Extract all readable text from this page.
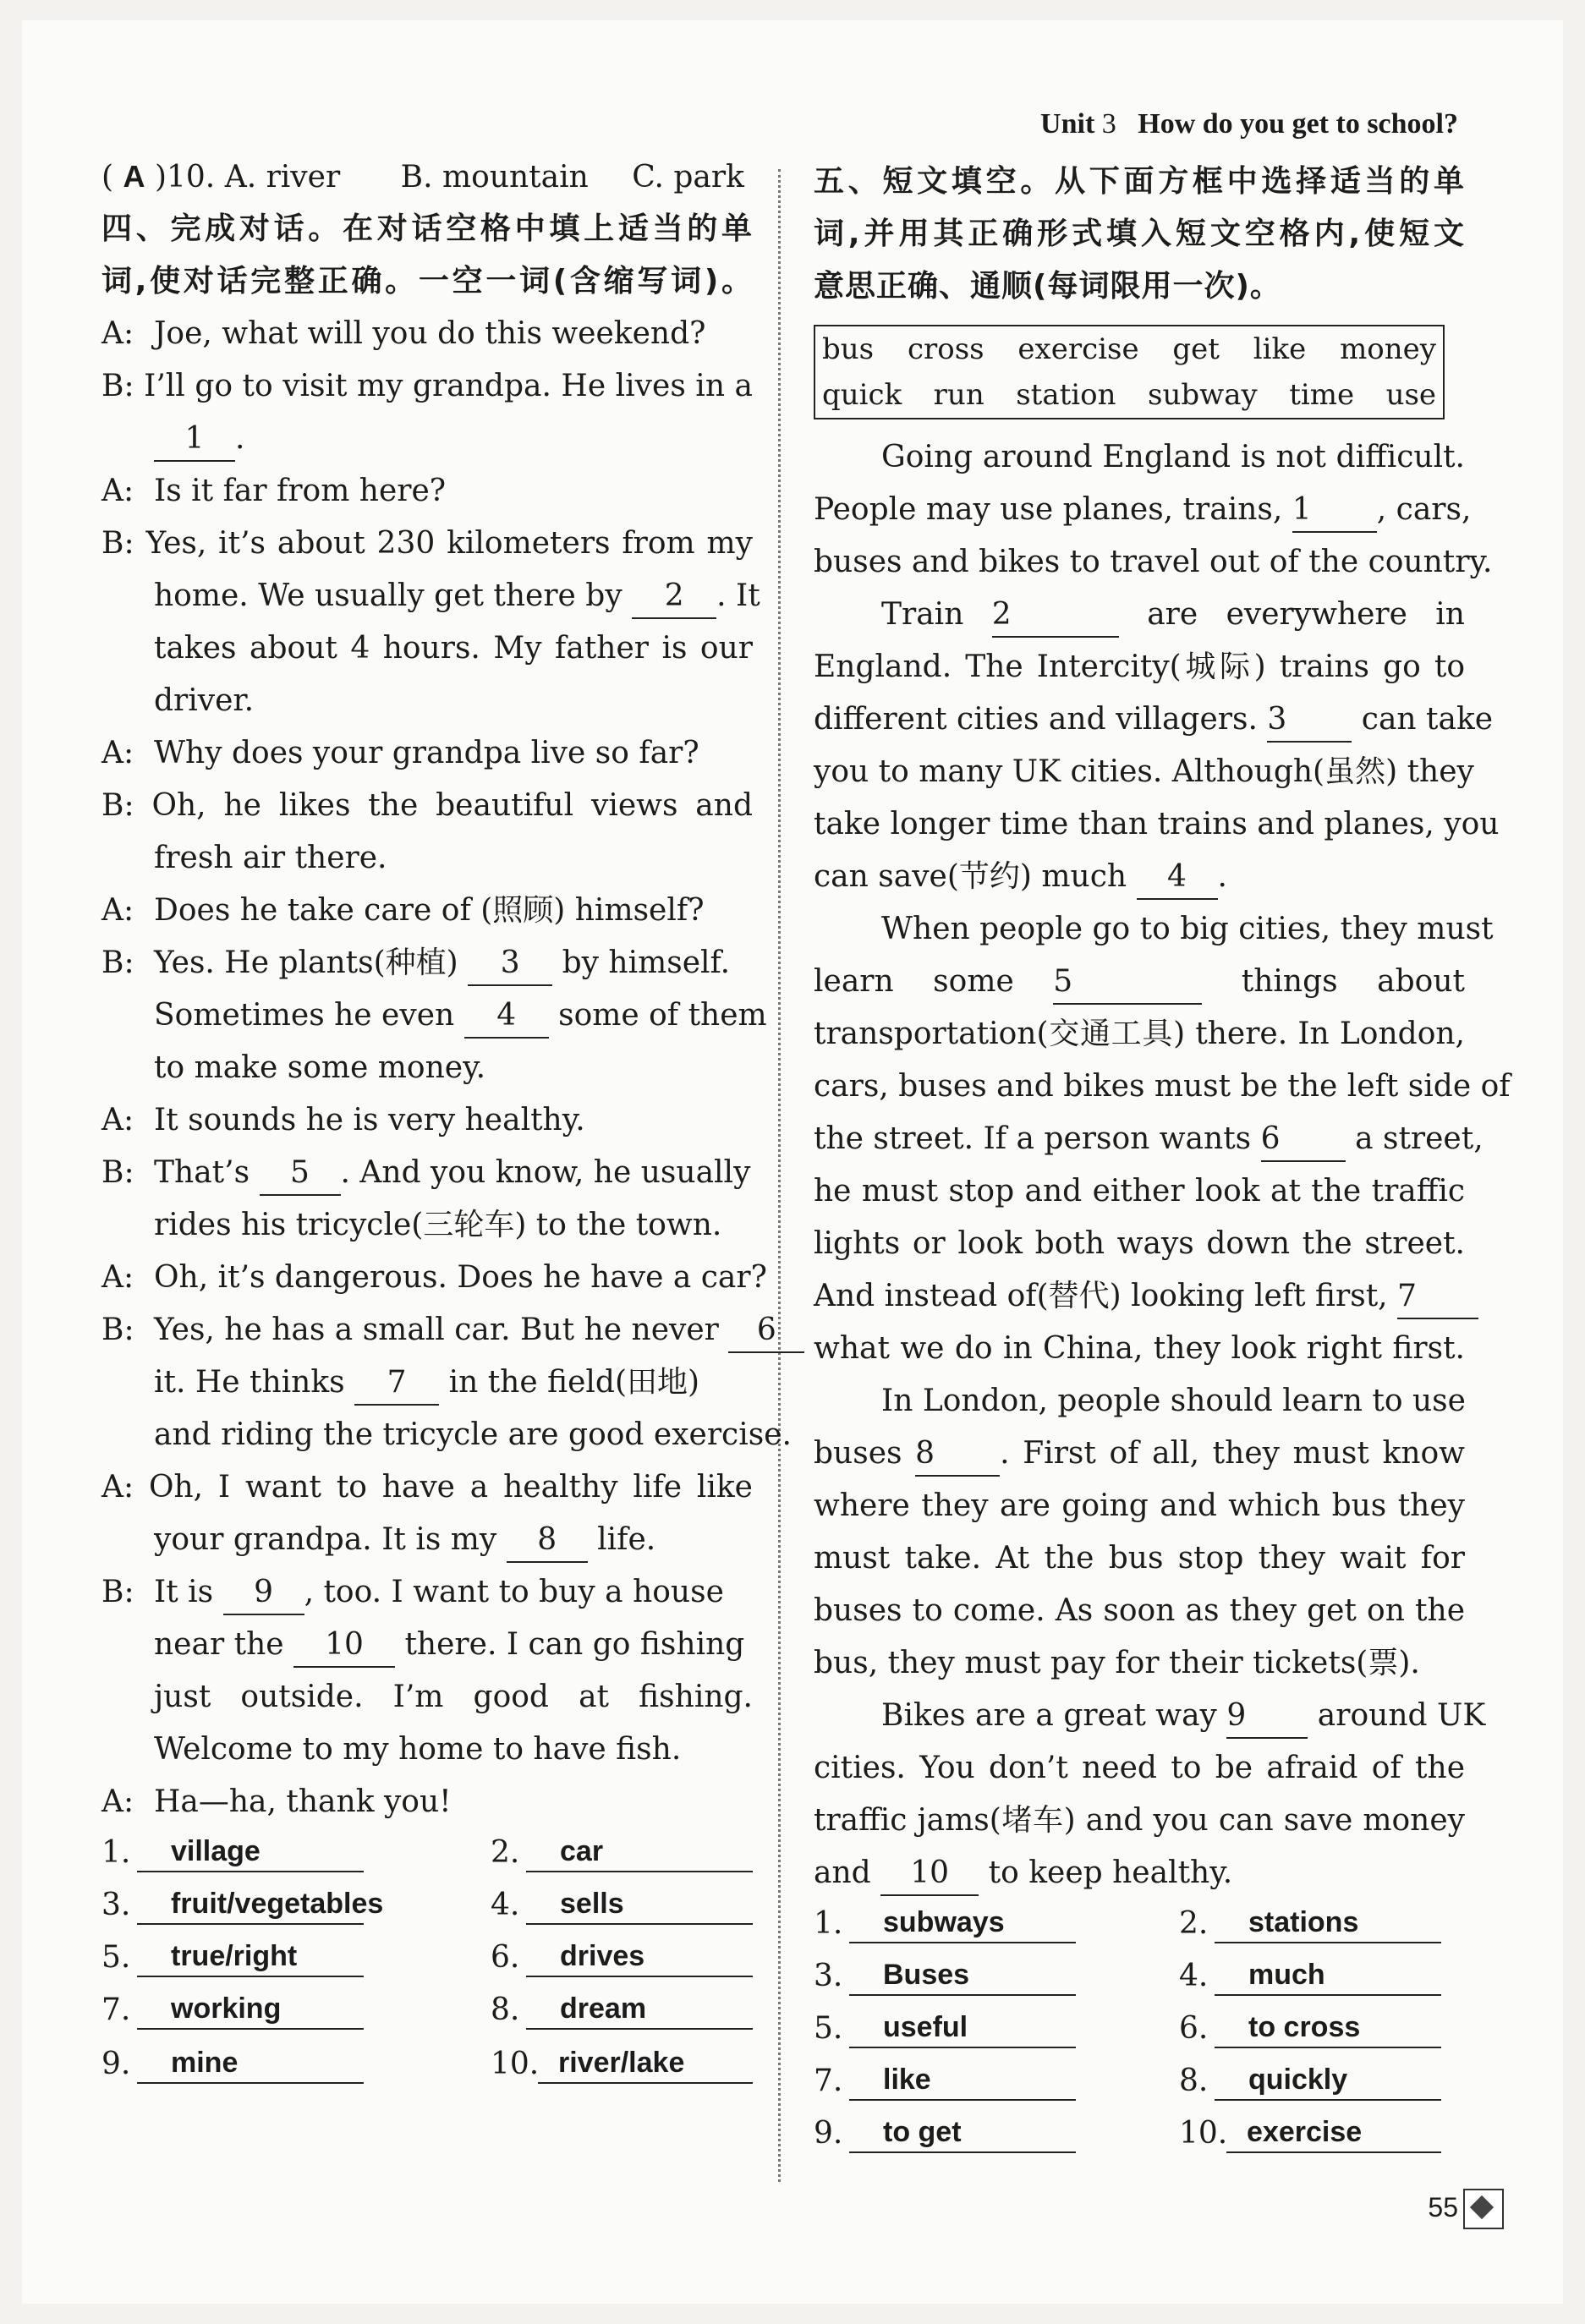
Unit 3 How do you get to school?
( A )10. A. river B. mountain C. park
四、完成对话。在对话空格中填上适当的单
词,使对话完整正确。一空一词(含缩写词)。
A: Joe, what will you do this weekend?
B: I’ll go to visit my grandpa. He lives in a
1 .
A: Is it far from here?
B: Yes, it’s about 230 kilometers from my
home. We usually get there by 2 . It
takes about 4 hours. My father is our
driver.
A: Why does your grandpa live so far?
B: Oh, he likes the beautiful views and
fresh air there.
A: Does he take care of (照顾) himself?
B: Yes. He plants(种植) 3 by himself.
Sometimes he even 4 some of them
to make some money.
A: It sounds he is very healthy.
B: That’s 5 . And you know, he usually
rides his tricycle(三轮车) to the town.
A: Oh, it’s dangerous. Does he have a car?
B: Yes, he has a small car. But he never 6
it. He thinks 7 in the field(田地)
and riding the tricycle are good exercise.
A: Oh, I want to have a healthy life like
your grandpa. It is my 8 life.
B: It is 9 , too. I want to buy a house
near the 10 there. I can go fishing
just outside. I’m good at fishing.
Welcome to my home to have fish.
A: Ha—ha, thank you!
1.	village	2.	car
3.	fruit/vegetables	4.	sells
5.	true/right	6.	drives
7.	working	8.	dream
9.	mine	10. river/lake
五、短文填空。从下面方框中选择适当的单
词,并用其正确形式填入短文空格内,使短文
意思正确、通顺(每词限用一次)。
bus cross exercise get like money
quick run station subway time use
Going around England is not difficult.
People may use planes, trains, 1 , cars,
buses and bikes to travel out of the country.
Train 2	are everywhere in
England. The Intercity(城际) trains go to
different cities and villagers. 3 can take
you to many UK cities. Although(虽然) they
take longer time than trains and planes, you
can save(节约) much 4 .
When people go to big cities, they must
learn some 5	things about
transportation(交通工具) there. In London,
cars, buses and bikes must be the left side of
the street. If a person wants 6 a street,
he must stop and either look at the traffic
lights or look both ways down the street.
And instead of(替代) looking left first, 7
what we do in China, they look right first.
In London, people should learn to use
buses 8 . First of all, they must know
where they are going and which bus they
must take. At the bus stop they wait for
buses to come. As soon as they get on the
bus, they must pay for their tickets(票).
Bikes are a great way 9 around UK
cities. You don’t need to be afraid of the
traffic jams(堵车) and you can save money
and 10 to keep healthy.
1.	subways	2.	stations
3.	Buses	4.	much
5.	useful	6.	to cross
7.	like	8.	quickly
9.	to get	10. exercise
55
